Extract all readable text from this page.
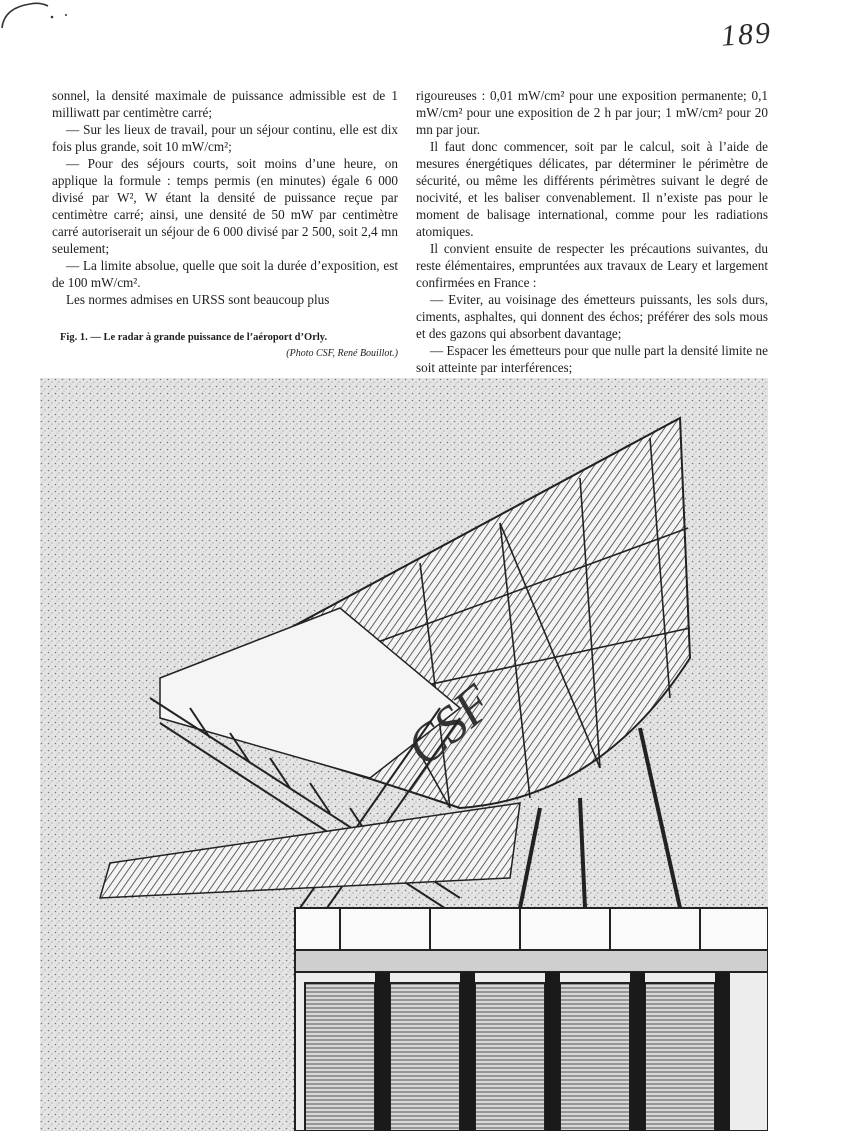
189

sonnel, la densité maximale de puissance admissible est de 1 milliwatt par centimètre carré;

— Sur les lieux de travail, pour un séjour continu, elle est dix fois plus grande, soit 10 mW/cm²;

— Pour des séjours courts, soit moins d’une heure, on applique la formule : temps permis (en minutes) égale 6 000 divisé par W², W étant la densité de puissance reçue par centimètre carré; ainsi, une densité de 50 mW par centimètre carré autoriserait un séjour de 6 000 divisé par 2 500, soit 2,4 mn seulement;

— La limite absolue, quelle que soit la durée d’exposition, est de 100 mW/cm².

Les normes admises en URSS sont beaucoup plus

rigoureuses : 0,01 mW/cm² pour une exposition permanente; 0,1 mW/cm² pour une exposition de 2 h par jour; 1 mW/cm² pour 20 mn par jour.

Il faut donc commencer, soit par le calcul, soit à l’aide de mesures énergétiques délicates, par déterminer le périmètre de sécurité, ou même les différents périmètres suivant le degré de nocivité, et les baliser convenablement. Il n’existe pas pour le moment de balisage international, comme pour les radiations atomiques.

Il convient ensuite de respecter les précautions suivantes, du reste élémentaires, empruntées aux travaux de Leary et largement confirmées en France :

— Eviter, au voisinage des émetteurs puissants, les sols durs, ciments, asphaltes, qui donnent des échos; préférer des sols mous et des gazons qui absorbent davantage;

— Espacer les émetteurs pour que nulle part la densité limite ne soit atteinte par interférences;

Fig. 1. — Le radar à grande puissance de l’aéroport d’Orly.
(Photo CSF, René Bouillot.)
CSF
